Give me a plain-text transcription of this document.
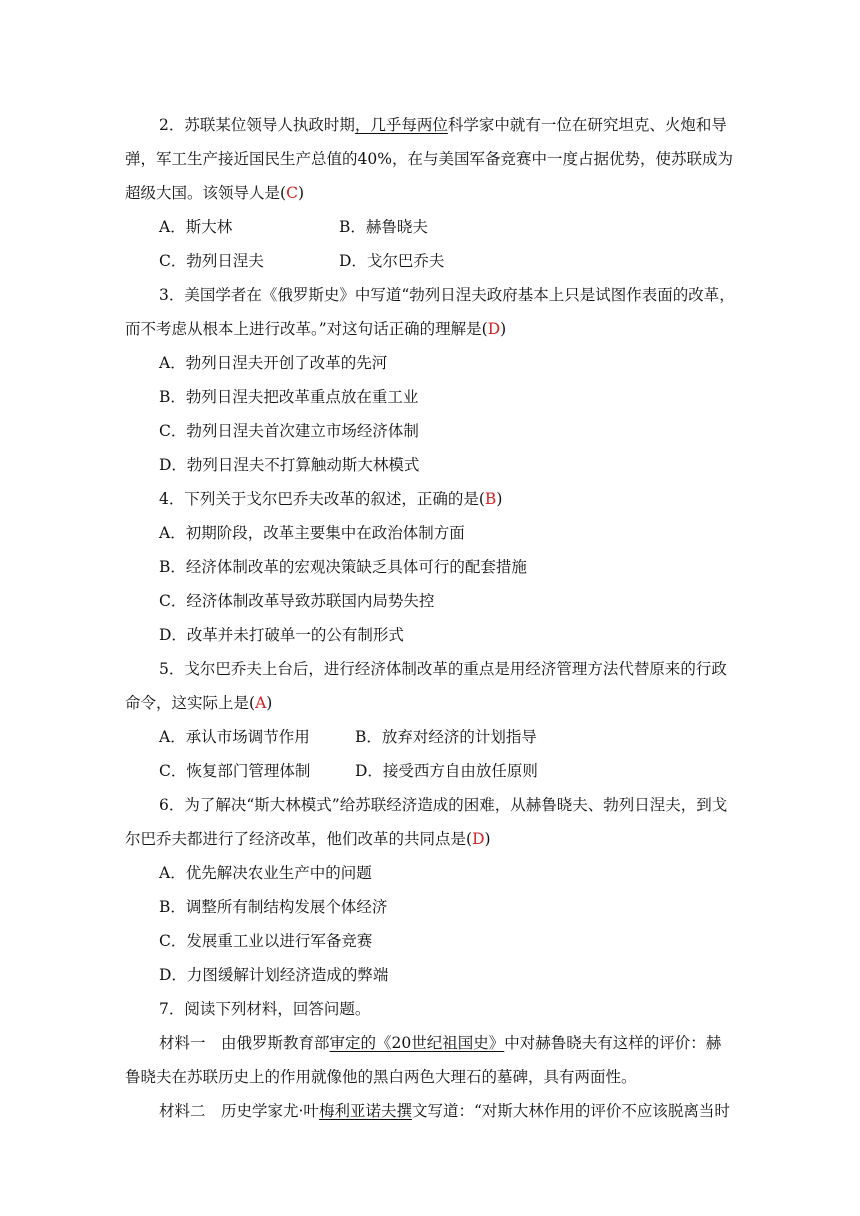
2．苏联某位领导人执政时期，几乎每两位科学家中就有一位在研究坦克、火炮和导弹，军工生产接近国民生产总值的40%，在与美国军备竞赛中一度占据优势，使苏联成为超级大国。该领导人是(C)

A．斯大林	B．赫鲁晓夫
C．勃列日涅夫	D．戈尔巴乔夫

3．美国学者在《俄罗斯史》中写道“勃列日涅夫政府基本上只是试图作表面的改革，而不考虑从根本上进行改革。”对这句话正确的理解是(D)

A．勃列日涅夫开创了改革的先河
B．勃列日涅夫把改革重点放在重工业
C．勃列日涅夫首次建立市场经济体制
D．勃列日涅夫不打算触动斯大林模式

4．下列关于戈尔巴乔夫改革的叙述，正确的是(B)

A．初期阶段，改革主要集中在政治体制方面
B．经济体制改革的宏观决策缺乏具体可行的配套措施
C．经济体制改革导致苏联国内局势失控
D．改革并未打破单一的公有制形式

5．戈尔巴乔夫上台后，进行经济体制改革的重点是用经济管理方法代替原来的行政命令，这实际上是(A)

A．承认市场调节作用	B．放弃对经济的计划指导
C．恢复部门管理体制	D．接受西方自由放任原则

6．为了解决“斯大林模式”给苏联经济造成的困难，从赫鲁晓夫、勃列日涅夫，到戈尔巴乔夫都进行了经济改革，他们改革的共同点是(D)

A．优先解决农业生产中的问题
B．调整所有制结构发展个体经济
C．发展重工业以进行军备竞赛
D．力图缓解计划经济造成的弊端

7．阅读下列材料，回答问题。

材料一　由俄罗斯教育部审定的《20世纪祖国史》中对赫鲁晓夫有这样的评价：赫鲁晓夫在苏联历史上的作用就像他的黑白两色大理石的墓碑，具有两面性。

材料二　历史学家尤·叶梅利亚诺夫撰文写道：“对斯大林作用的评价不应该脱离当时
